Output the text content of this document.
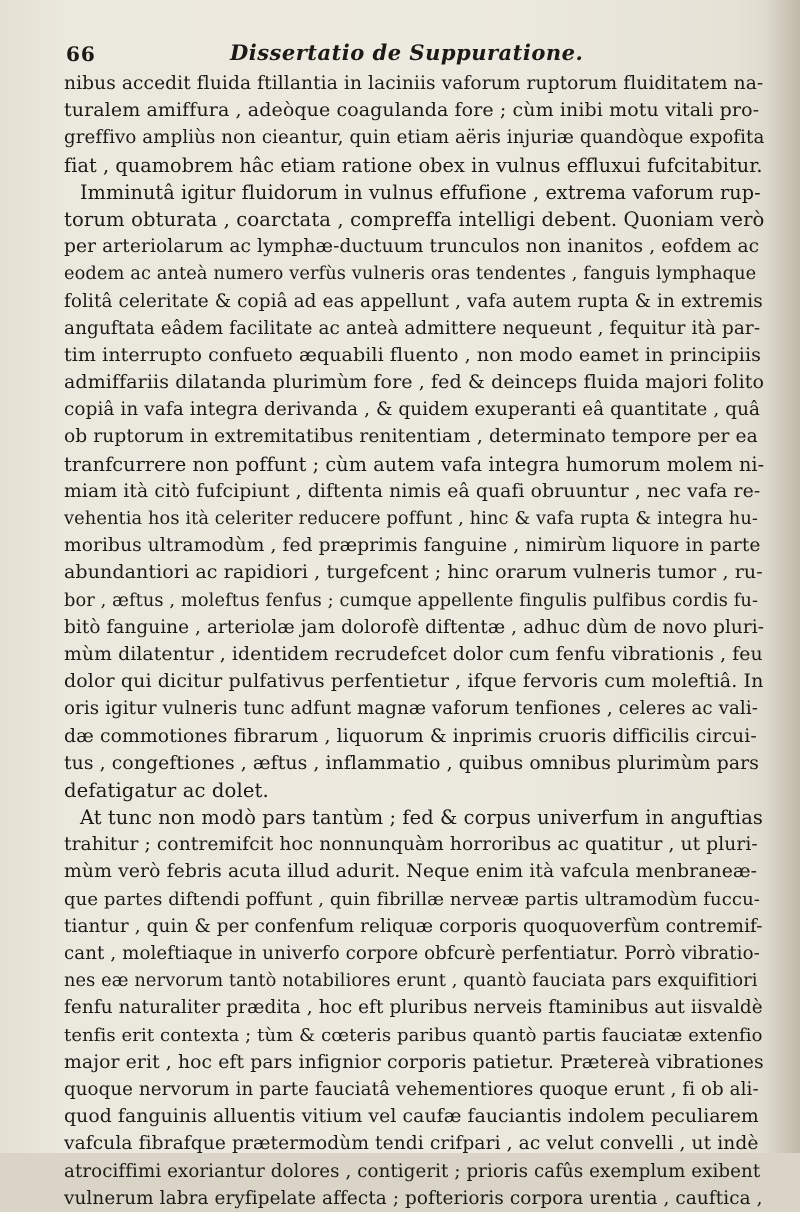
66	Dissertatio de Suppuratione.
nibus accedit fluida ftillantia in laciniis vaforum ruptorum fluiditatem na-
turalem amiffura , adeòque coagulanda fore ; cùm inibi motu vitali pro-
greffivo ampliùs non cieantur, quin etiam aëris injuriæ quandòque expofita
fiat , quamobrem hâc etiam ratione obex in vulnus effluxui fufcitabitur.
Imminutâ igitur fluidorum in vulnus effufione , extrema vaforum rup-
torum obturata , coarctata , compreffa intelligi debent. Quoniam verò
per arteriolarum ac lymphæ-ductuum trunculos non inanitos , eofdem ac
eodem ac anteà numero verfùs vulneris oras tendentes , fanguis lymphaque
folitâ celeritate & copiâ ad eas appellunt , vafa autem rupta & in extremis
anguftata eâdem facilitate ac anteà admittere nequeunt , fequitur ità par-
tim interrupto confueto æquabili fluento , non modo eamet in principiis
admiffariis dilatanda plurimùm fore , fed & deinceps fluida majori folito
copiâ in vafa integra derivanda , & quidem exuperanti eâ quantitate , quâ
ob ruptorum in extremitatibus renitentiam , determinato tempore per ea
tranfcurrere non poffunt ; cùm autem vafa integra humorum molem ni-
miam ità citò fufcipiunt , diftenta nimis eâ quafi obruuntur , nec vafa re-
vehentia hos ità celeriter reducere poffunt , hinc & vafa rupta & integra hu-
moribus ultramodùm , fed præprimis fanguine , nimirùm liquore in parte
abundantiori ac rapidiori , turgefcent ; hinc orarum vulneris tumor , ru-
bor , æftus , moleftus fenfus ; cumque appellente fingulis pulfibus cordis fu-
bitò fanguine , arteriolæ jam dolorofè diftentæ , adhuc dùm de novo pluri-
mùm dilatentur , identidem recrudefcet dolor cum fenfu vibrationis , feu
dolor qui dicitur pulfativus perfentietur , ifque fervoris cum moleftiâ. In
oris igitur vulneris tunc adfunt magnæ vaforum tenfiones , celeres ac vali-
dæ commotiones fibrarum , liquorum & inprimis cruoris difficilis circui-
tus , congeftiones , æftus , inflammatio , quibus omnibus plurimùm pars
defatigatur ac dolet.
At tunc non modò pars tantùm ; fed & corpus univerfum in anguftias
trahitur ; contremifcit hoc nonnunquàm horroribus ac quatitur , ut pluri-
mùm verò febris acuta illud adurit. Neque enim ità vafcula menbraneæ-
que partes diftendi poffunt , quin fibrillæ nerveæ partis ultramodùm fuccu-
tiantur , quin & per confenfum reliquæ corporis quoquoverfùm contremif-
cant , moleftiaque in univerfo corpore obfcurè perfentiatur. Porrò vibratio-
nes eæ nervorum tantò notabiliores erunt , quantò fauciata pars exquifitiori
fenfu naturaliter prædita , hoc eft pluribus nerveis ftaminibus aut iisvaldè
tenfis erit contexta ; tùm & cœteris paribus quantò partis fauciatæ extenfio
major erit , hoc eft pars infignior corporis patietur. Prætereà vibrationes
quoque nervorum in parte fauciatâ vehementiores quoque erunt , fi ob ali-
quod fanguinis alluentis vitium vel caufæ fauciantis indolem peculiarem
vafcula fibrafque prætermodùm tendi crifpari , ac velut convelli , ut indè
atrociffimi exoriantur dolores , contigerit ; prioris cafûs exemplum exibent
vulnerum labra eryfipelate affecta ; pofterioris corpora urentia , cauftica ,
